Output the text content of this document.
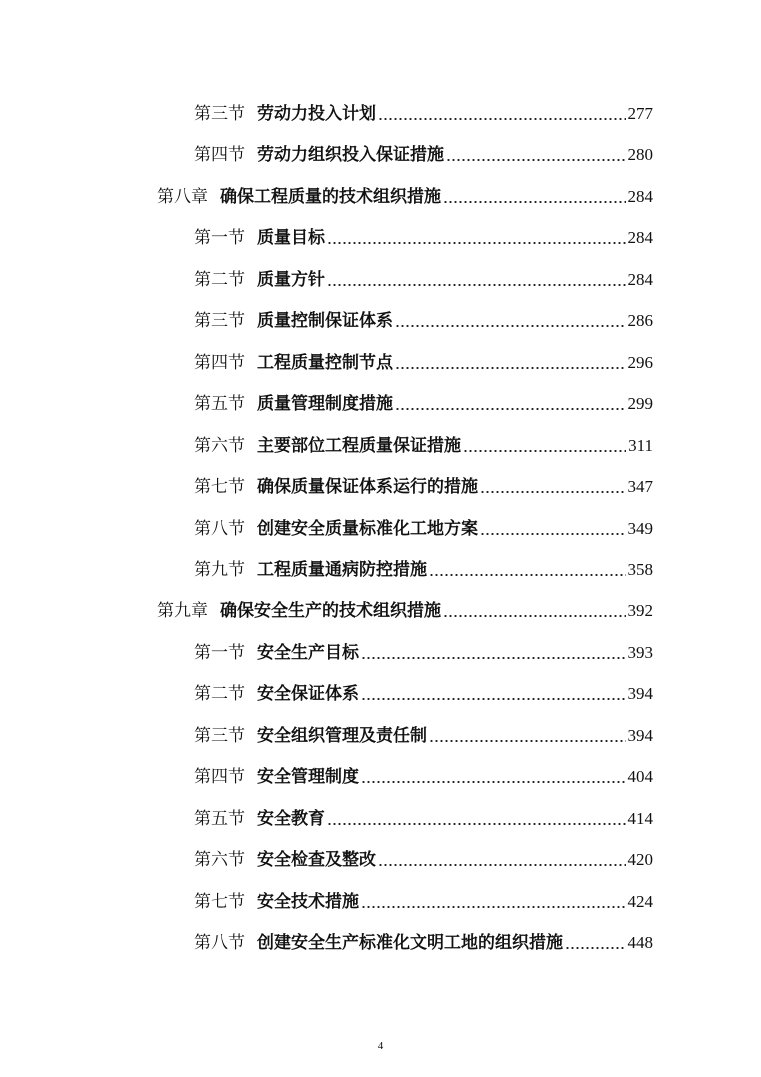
第三节 劳动力投入计划	277
第四节 劳动力组织投入保证措施	280
第八章 确保工程质量的技术组织措施	284
第一节 质量目标	284
第二节 质量方针	284
第三节 质量控制保证体系	286
第四节 工程质量控制节点	296
第五节 质量管理制度措施	299
第六节 主要部位工程质量保证措施	311
第七节 确保质量保证体系运行的措施	347
第八节 创建安全质量标准化工地方案	349
第九节 工程质量通病防控措施	358
第九章 确保安全生产的技术组织措施	392
第一节 安全生产目标	393
第二节 安全保证体系	394
第三节 安全组织管理及责任制	394
第四节 安全管理制度	404
第五节 安全教育	414
第六节 安全检查及整改	420
第七节 安全技术措施	424
第八节 创建安全生产标准化文明工地的组织措施	448
4
